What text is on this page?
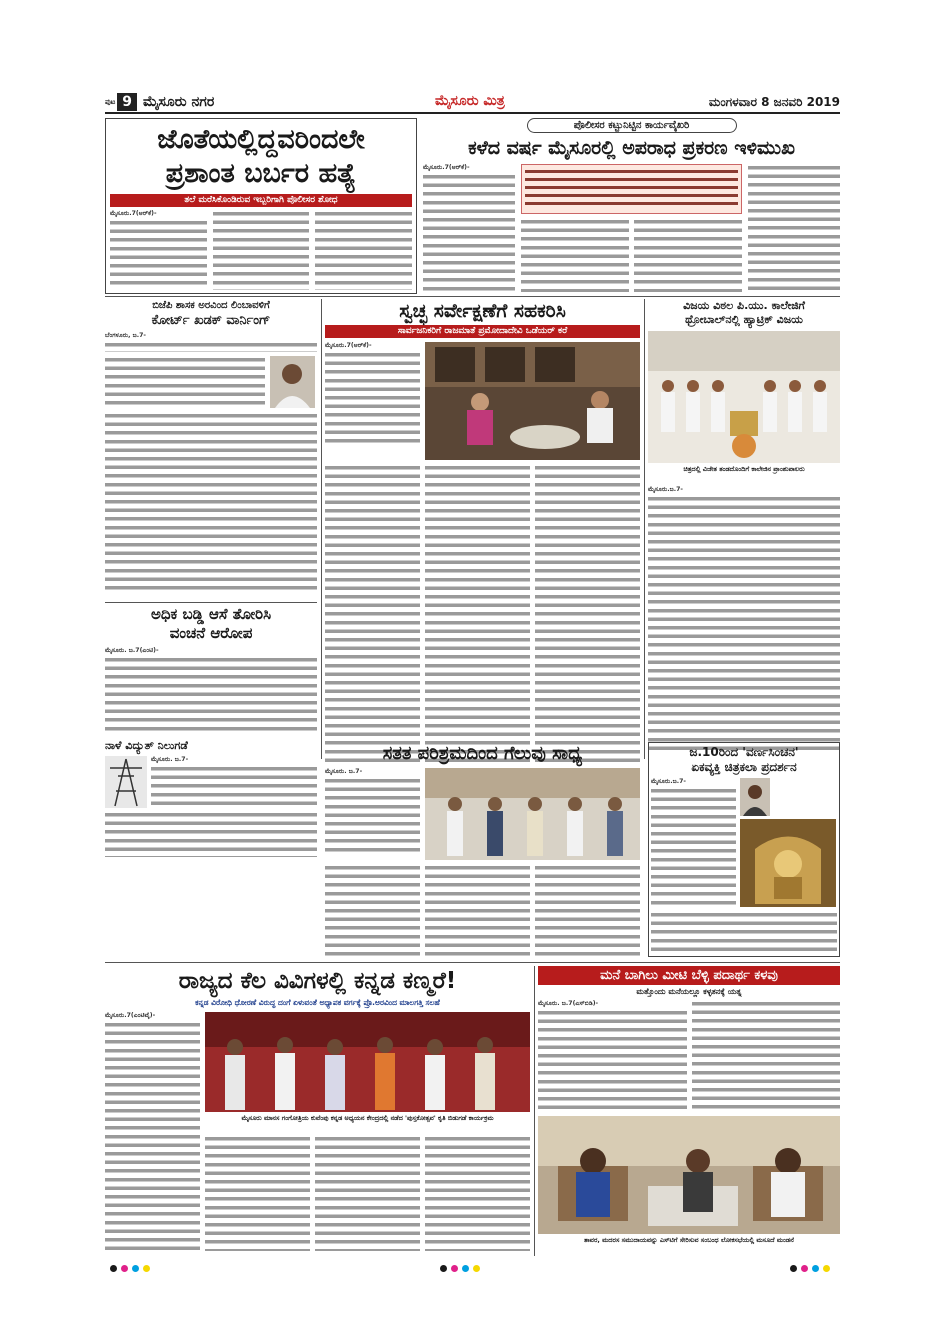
ಪುಟ 9 ಮೈಸೂರು ನಗರ	ಮೈಸೂರು ಮಿತ್ರ	ಮಂಗಳವಾರ 8 ಜನವರಿ 2019
ಜೊತೆಯಲ್ಲಿದ್ದವರಿಂದಲೇ
ಪ್ರಶಾಂತ ಬರ್ಬರ ಹತ್ಯೆ
ತಲೆ ಮರೆಸಿಕೊಂಡಿರುವ ಇಬ್ಬರಿಗಾಗಿ ಪೊಲೀಸರ ಶೋಧ
ಮೈಸೂರು.7(ಆರ್‌ಕೆ)-
ಪೊಲೀಸರ ಕಟ್ಟುನಿಟ್ಟಿನ ಕಾರ್ಯವೈಖರಿ
ಕಳೆದ ವರ್ಷ ಮೈಸೂರಲ್ಲಿ ಅಪರಾಧ ಪ್ರಕರಣ ಇಳಿಮುಖ
ಮೈಸೂರು.7(ಆರ್‌ಕೆ)-
ಬಿಜೆಪಿ ಶಾಸಕ ಅರವಿಂದ ಲಿಂಬಾವಳಿಗೆ
ಕೋರ್ಟ್ ಖಡಕ್ ವಾರ್ನಿಂಗ್
ಬೆಂಗಳೂರು, ಜ.7-
ಸ್ವಚ್ಛ ಸರ್ವೇಕ್ಷಣೆಗೆ ಸಹಕರಿಸಿ
ಸಾರ್ವಜನಿಕರಿಗೆ ರಾಜಮಾತೆ ಪ್ರಮೋದಾದೇವಿ ಒಡೆಯರ್ ಕರೆ
ಮೈಸೂರು.7(ಆರ್‌ಕೆ)-
ವಿಜಯ ವಿಠಲ ಪಿ.ಯು. ಕಾಲೇಜಿಗೆ
ಥ್ರೋಬಾಲ್‌ನಲ್ಲಿ ಹ್ಯಾಟ್ರಿಕ್ ವಿಜಯ
ಚಿತ್ರದಲ್ಲಿ ವಿಜೇತ ತಂಡದೊಂದಿಗೆ ಕಾಲೇಜಿನ ಪ್ರಾಂಶುಪಾಲರು
ಮೈಸೂರು.ಜ.7-
ಅಧಿಕ ಬಡ್ಡಿ ಆಸೆ ತೋರಿಸಿ
ವಂಚನೆ ಆರೋಪ
ಮೈಸೂರು. ಜ.7(ಎಂಟಿ)-
ನಾಳೆ ವಿದ್ಯುತ್ ನಿಲುಗಡೆ
ಮೈಸೂರು. ಜ.7-	ಸತತ ಪರಿಶ್ರಮದಿಂದ ಗೆಲುವು ಸಾಧ್ಯ
ಮೈಸೂರು. ಜ.7-
ಜ.10ರಿಂದ 'ವರ್ಣಸಿಂಚನ'
ಏಕವ್ಯಕ್ತಿ ಚಿತ್ರಕಲಾ ಪ್ರದರ್ಶನ
ಮೈಸೂರು.ಜ.7-
ರಾಜ್ಯದ ಕೆಲ ವಿವಿಗಳಲ್ಲಿ ಕನ್ನಡ ಕಣ್ಮರೆ!
ಕನ್ನಡ ವಿರೋಧಿ ಧೋರಣೆ ವಿರುದ್ಧ ದಂಗೆ ಏಳುವಂತೆ ಅಧ್ಯಾಪಕ ವರ್ಗಕ್ಕೆ ಪ್ರೊ.ಅರವಿಂದ ಮಾಲಗತ್ತಿ ಸಲಹೆ
ಮೈಸೂರು.7(ಎಂಟಿವೈ)-
ಮೈಸೂರು ಮಾನಸ ಗಂಗೋತ್ರಿಯ ಕುವೆಂಪು ಕನ್ನಡ ಅಧ್ಯಯನ ಕೇಂದ್ರದಲ್ಲಿ ನಡೆದ 'ಪುಸ್ತಕೋತ್ಸವ' ಕೃತಿ ಬಿಡುಗಡೆ ಕಾರ್ಯಕ್ರಮ
ಮನೆ ಬಾಗಿಲು ಮೀಟಿ ಬೆಳ್ಳಿ ಪದಾರ್ಥ ಕಳವು
ಮತ್ತೊಂದು ಮನೆಯಲ್ಲೂ ಕಳ್ಳತನಕ್ಕೆ ಯತ್ನ
ಮೈಸೂರು. ಜ.7(ಎಸ್‌ಬಿಡಿ)-
ತಾವರ, ಮದರಸ ಸಮುದಾಯವನ್ನು ಎಸ್‌ಟಿಗೆ ಸೇರಿಸುವ ಸಂಬಂಧ ಲೋಕಸಭೆಯಲ್ಲಿ ಮಸೂದೆ ಮಂಡನೆ
